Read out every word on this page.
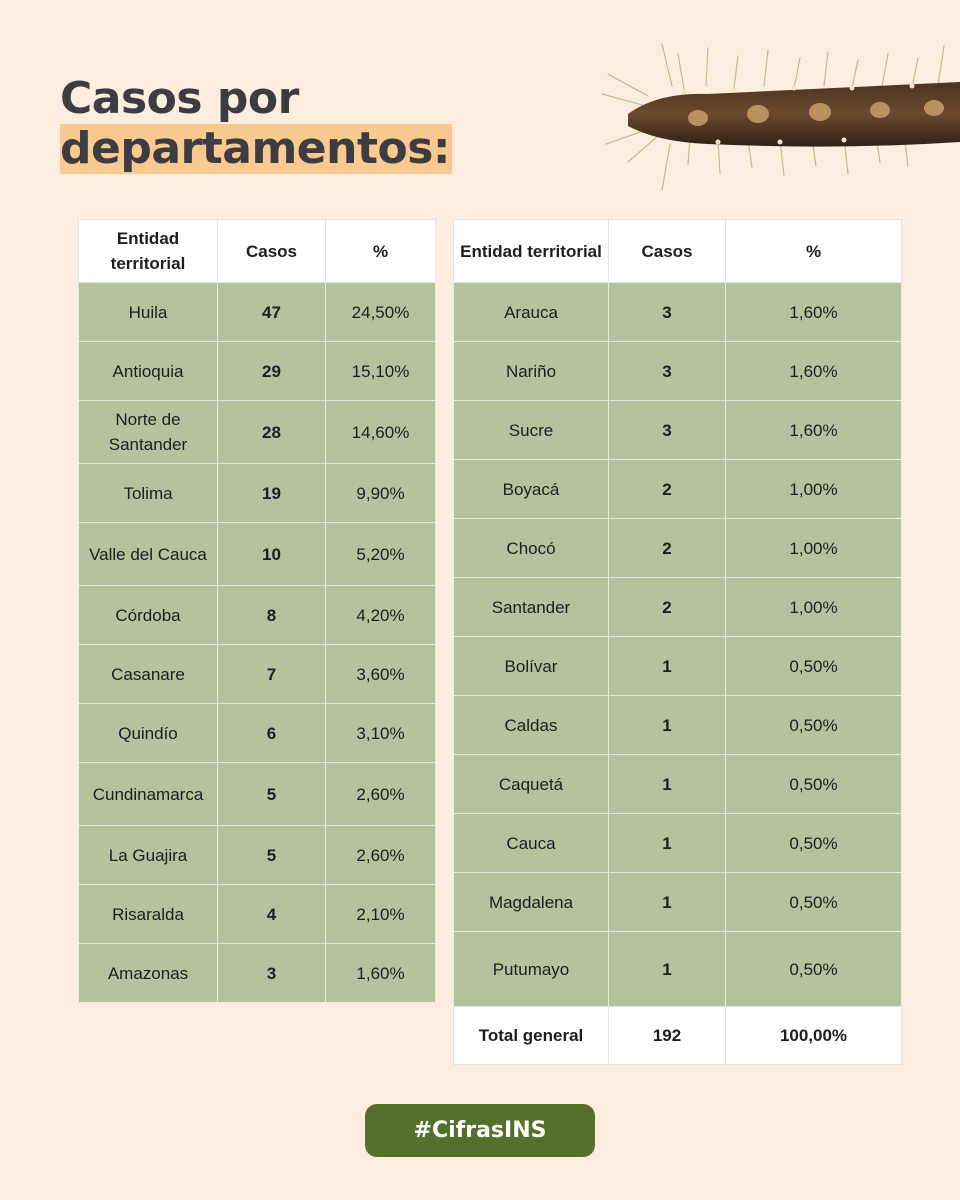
Casos por
departamentos:
Entidad territorial	Casos	%
Huila	47	24,50%
Antioquia	29	15,10%
Norte de Santander	28	14,60%
Tolima	19	9,90%
Valle del Cauca	10	5,20%
Córdoba	8	4,20%
Casanare	7	3,60%
Quindío	6	3,10%
Cundinamarca	5	2,60%
La Guajira	5	2,60%
Risaralda	4	2,10%
Amazonas	3	1,60%
Entidad territorial	Casos	%
Arauca	3	1,60%
Nariño	3	1,60%
Sucre	3	1,60%
Boyacá	2	1,00%
Chocó	2	1,00%
Santander	2	1,00%
Bolívar	1	0,50%
Caldas	1	0,50%
Caquetá	1	0,50%
Cauca	1	0,50%
Magdalena	1	0,50%
Putumayo	1	0,50%
Total general	192	100,00%
#CifrasINS
